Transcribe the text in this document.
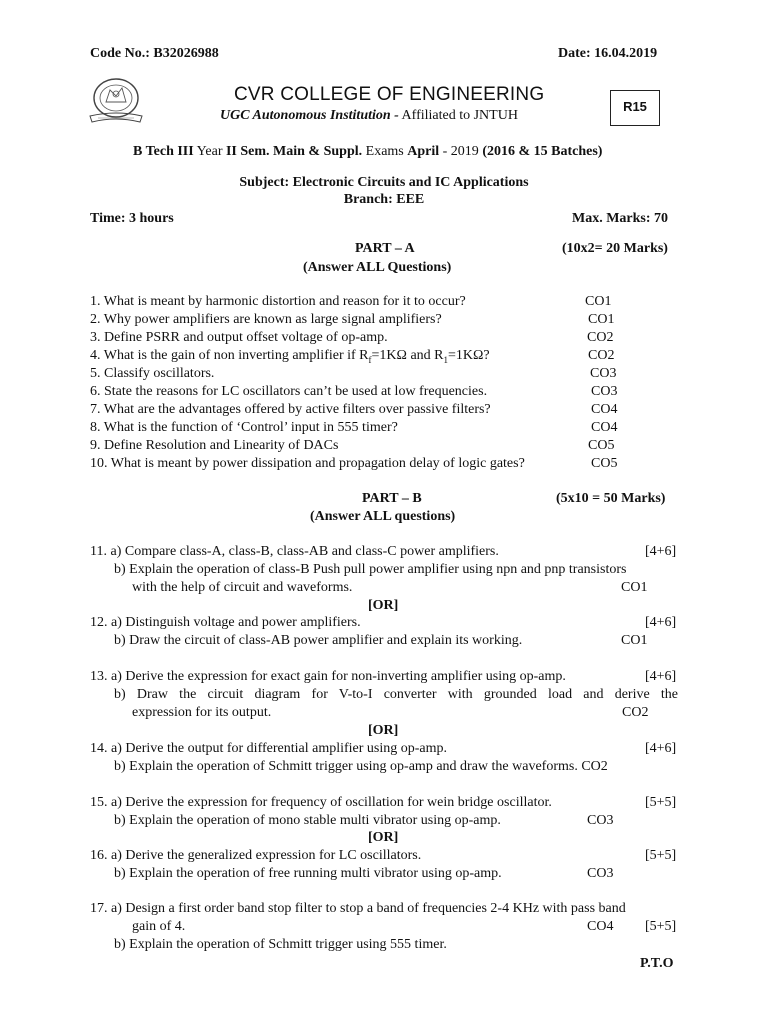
Code No.: B32026988	Date: 16.04.2019
CVR COLLEGE OF ENGINEERING
UGC Autonomous Institution - Affiliated to JNTUH
R15
B Tech III Year II Sem. Main & Suppl. Exams April - 2019 (2016 & 15 Batches)
Subject: Electronic Circuits and IC Applications
Branch: EEE
Time: 3 hours	Max. Marks: 70
PART – A	(10x2= 20 Marks)
(Answer ALL Questions)
1. What is meant by harmonic distortion and reason for it to occur?	CO1
2. Why power amplifiers are known as large signal amplifiers?	CO1
3. Define PSRR and output offset voltage of op-amp.	CO2
4. What is the gain of non inverting amplifier if $R_f=1K\Omega$ and $R_1=1K\Omega$?	CO2
5. Classify oscillators.	CO3
6. State the reasons for LC oscillators can’t be used at low frequencies.	CO3
7. What are the advantages offered by active filters over passive filters?	CO4
8. What is the function of ‘Control’ input in 555 timer?	CO4
9. Define Resolution and Linearity of DACs	CO5
10. What is meant by power dissipation and propagation delay of logic gates?	CO5
PART – B	(5x10 = 50 Marks)
(Answer ALL questions)
11. a) Compare class-A, class-B, class-AB and class-C power amplifiers.	[4+6]
b) Explain the operation of class-B Push pull power amplifier using npn and pnp transistors
with the help of circuit and waveforms.	CO1
[OR]
12. a) Distinguish voltage and power amplifiers.	[4+6]
b) Draw the circuit of class-AB power amplifier and explain its working.	CO1
13. a) Derive the expression for exact gain for non-inverting amplifier using op-amp.	[4+6]
b) Draw the circuit diagram for V-to-I converter with grounded load and derive the
expression for its output.	CO2
[OR]
14. a) Derive the output for differential amplifier using op-amp.	[4+6]
b) Explain the operation of Schmitt trigger using op-amp and draw the waveforms. CO2
15. a) Derive the expression for frequency of oscillation for wein bridge oscillator.	[5+5]
b) Explain the operation of mono stable multi vibrator using op-amp.	CO3
[OR]
16. a) Derive the generalized expression for LC oscillators.	[5+5]
b) Explain the operation of free running multi vibrator using op-amp.	CO3
17. a) Design a first order band stop filter to stop a band of frequencies 2-4 KHz with pass band
gain of 4.	CO4 [5+5]
b) Explain the operation of Schmitt trigger using 555 timer.
P.T.O
